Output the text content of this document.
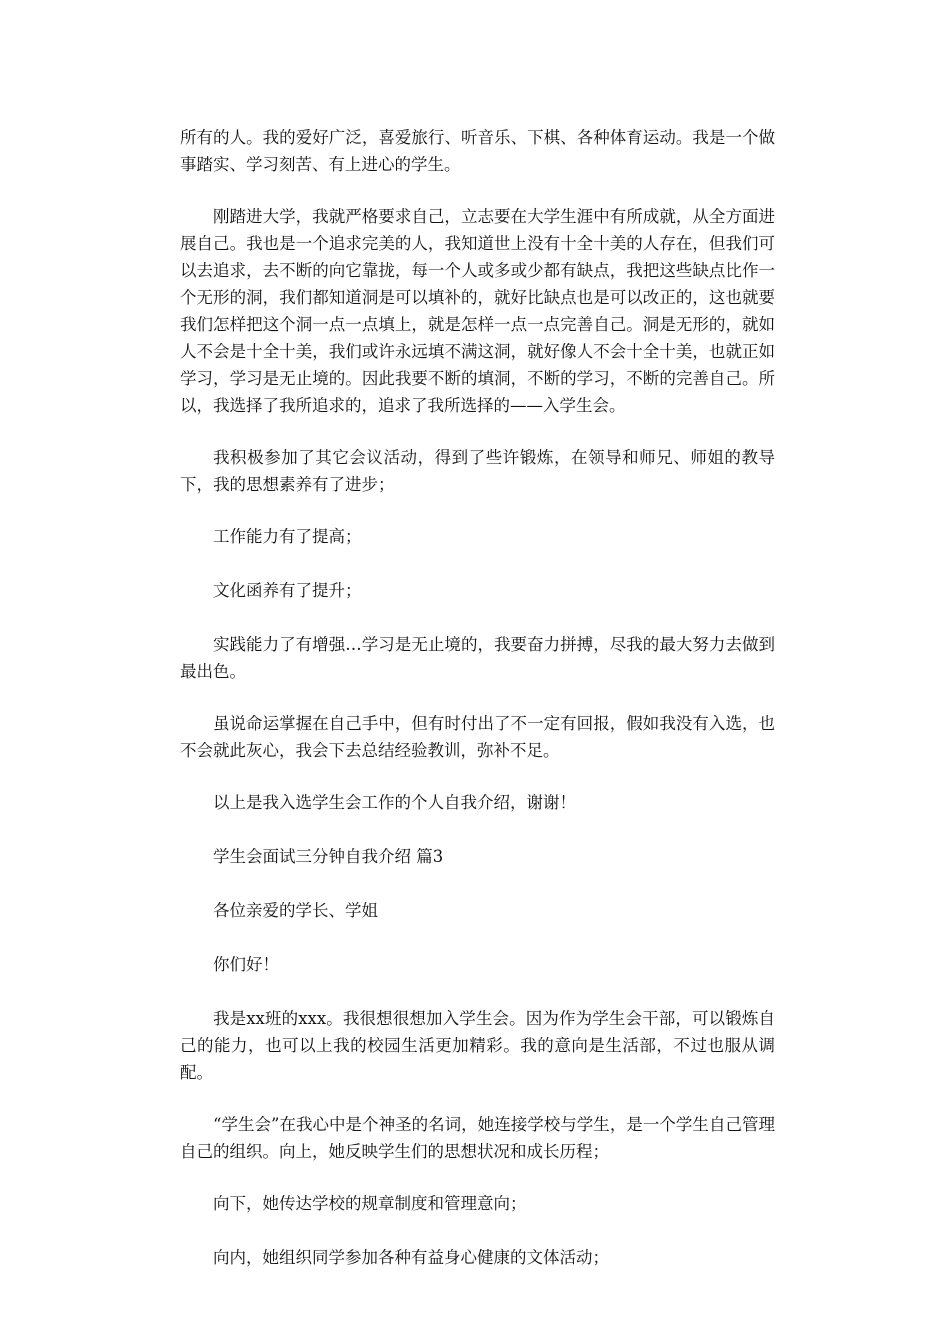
所有的人。我的爱好广泛，喜爱旅行、听音乐、下棋、各种体育运动。我是一个做事踏实、学习刻苦、有上进心的学生。

刚踏进大学，我就严格要求自己，立志要在大学生涯中有所成就，从全方面进展自己。我也是一个追求完美的人，我知道世上没有十全十美的人存在，但我们可以去追求，去不断的向它靠拢，每一个人或多或少都有缺点，我把这些缺点比作一个无形的洞，我们都知道洞是可以填补的，就好比缺点也是可以改正的，这也就要我们怎样把这个洞一点一点填上，就是怎样一点一点完善自己。洞是无形的，就如人不会是十全十美，我们或许永远填不满这洞，就好像人不会十全十美，也就正如学习，学习是无止境的。因此我要不断的填洞，不断的学习，不断的完善自己。所以，我选择了我所追求的，追求了我所选择的——入学生会。

我积极参加了其它会议活动，得到了些许锻炼，在领导和师兄、师姐的教导下，我的思想素养有了进步；

工作能力有了提高；

文化函养有了提升；

实践能力了有增强…学习是无止境的，我要奋力拼搏，尽我的最大努力去做到最出色。

虽说命运掌握在自己手中，但有时付出了不一定有回报，假如我没有入选，也不会就此灰心，我会下去总结经验教训，弥补不足。

以上是我入选学生会工作的个人自我介绍，谢谢！

学生会面试三分钟自我介绍 篇3

各位亲爱的学长、学姐

你们好！

我是xx班的xxx。我很想很想加入学生会。因为作为学生会干部，可以锻炼自己的能力，也可以上我的校园生活更加精彩。我的意向是生活部，不过也服从调配。

“学生会”在我心中是个神圣的名词，她连接学校与学生，是一个学生自己管理自己的组织。向上，她反映学生们的思想状况和成长历程；

向下，她传达学校的规章制度和管理意向；

向内，她组织同学参加各种有益身心健康的文体活动；
